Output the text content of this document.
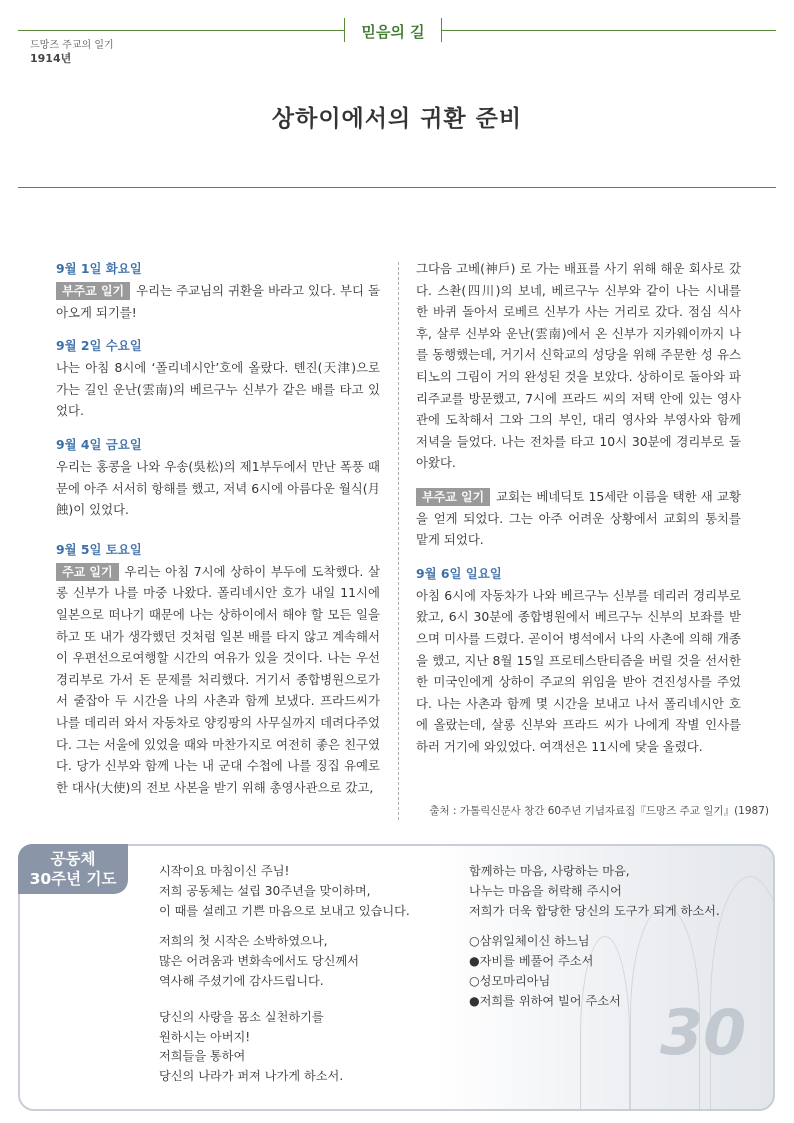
믿음의 길
드망즈 주교의 일기
1914년
상하이에서의 귀환 준비
9월 1일 화요일
부주교 일기 우리는 주교님의 귀환을 바라고 있다. 부디 돌아오게 되기를!
9월 2일 수요일
나는 아침 8시에 ‘폴리네시안’호에 올랐다. 톈진(天津)으로 가는 길인 운난(雲南)의 베르구누 신부가 같은 배를 타고 있었다.
9월 4일 금요일
우리는 홍콩을 나와 우송(吳松)의 제1부두에서 만난 폭풍 때문에 아주 서서히 항해를 했고, 저녁 6시에 아름다운 월식(月蝕)이 있었다.
9월 5일 토요일
주교 일기 우리는 아침 7시에 상하이 부두에 도착했다. 살롱 신부가 나를 마중 나왔다. 폴리네시안 호가 내일 11시에 일본으로 떠나기 때문에 나는 상하이에서 해야 할 모든 일을 하고 또 내가 생각했던 것처럼 일본 배를 타지 않고 계속해서 이 우편선으로여행할 시간의 여유가 있을 것이다. 나는 우선 경리부로 가서 돈 문제를 처리했다. 거기서 종합병원으로가서 줄잡아 두 시간을 나의 사촌과 함께 보냈다. 프라드씨가 나를 데리러 와서 자동차로 양킹팡의 사무실까지 데려다주었다. 그는 서울에 있었을 때와 마찬가지로 여전히 좋은 친구였다. 당가 신부와 함께 나는 내 군대 수첩에 나를 징집 유예로 한 대사(大使)의 전보 사본을 받기 위해 총영사관으로 갔고,
그다음 고베(神戶) 로 가는 배표를 사기 위해 해운 회사로 갔다. 스촨(四川)의 보네, 베르구누 신부와 같이 나는 시내를 한 바퀴 돌아서 로베르 신부가 사는 거리로 갔다. 점심 식사 후, 살루 신부와 운난(雲南)에서 온 신부가 지카웨이까지 나를 동행했는데, 거기서 신학교의 성당을 위해 주문한 성 유스티노의 그림이 거의 완성된 것을 보았다. 상하이로 돌아와 파리주교를 방문했고, 7시에 프라드 씨의 저택 안에 있는 영사관에 도착해서 그와 그의 부인, 대리 영사와 부영사와 함께 저녁을 들었다. 나는 전차를 타고 10시 30분에 경리부로 돌아왔다.
부주교 일기 교회는 베네딕토 15세란 이름을 택한 새 교황을 얻게 되었다. 그는 아주 어려운 상황에서 교회의 통치를 맡게 되었다.
9월 6일 일요일
아침 6시에 자동차가 나와 베르구누 신부를 데리러 경리부로 왔고, 6시 30분에 종합병원에서 베르구누 신부의 보좌를 받으며 미사를 드렸다. 곧이어 병석에서 나의 사촌에 의해 개종을 했고, 지난 8월 15일 프로테스탄티즘을 버릴 것을 선서한 한 미국인에게 상하이 주교의 위임을 받아 견진성사를 주었다. 나는 사촌과 함께 몇 시간을 보내고 나서 폴리네시안 호에 올랐는데, 살롱 신부와 프라드 씨가 나에게 작별 인사를 하러 거기에 와있었다. 여객선은 11시에 닻을 올렸다.
출처 : 가톨릭신문사 창간 60주년 기념자료집『드망즈 주교 일기』(1987)
30
공동체
30주년 기도	시작이요 마침이신 주님!
저희 공동체는 설립 30주년을 맞이하며,
이 때를 설레고 기쁜 마음으로 보내고 있습니다.
저희의 첫 시작은 소박하였으나,
많은 어려움과 변화속에서도 당신께서
역사해 주셨기에 감사드립니다.
당신의 사랑을 몸소 실천하기를
원하시는 아버지!
저희들을 통하여
당신의 나라가 퍼져 나가게 하소서.
함께하는 마음, 사랑하는 마음,
나누는 마음을 허락해 주시어
저희가 더욱 합당한 당신의 도구가 되게 하소서.
○삼위일체이신 하느님
●자비를 베풀어 주소서
○성모마리아님
●저희를 위하여 빌어 주소서
